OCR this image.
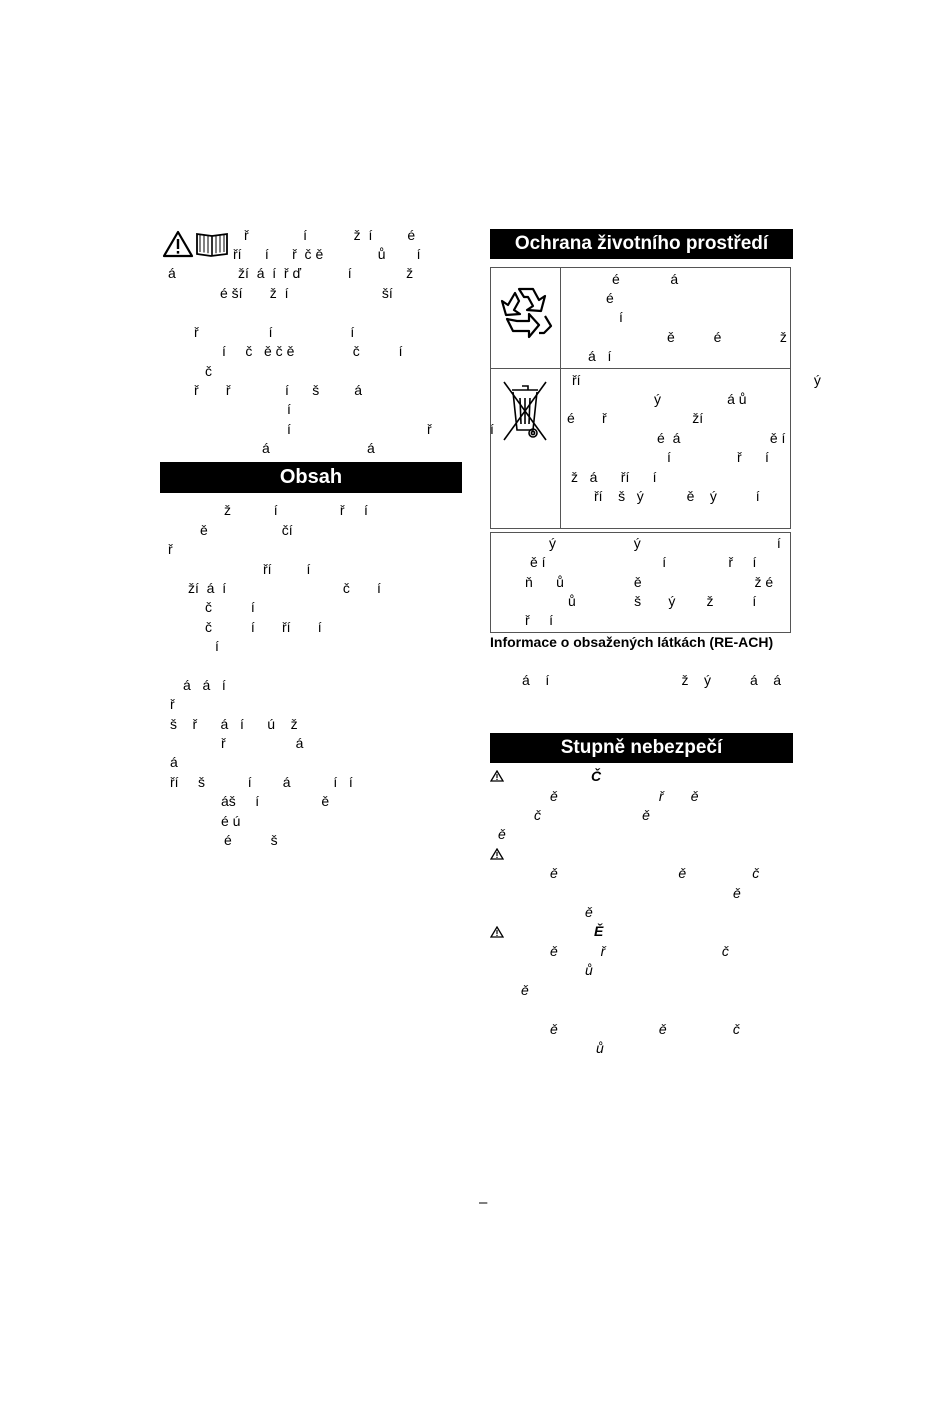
ř              í            ž  í         é
ří      í      ř  č ě              ů        í
á                ží  á  í  ř ď            í              ž
é ší       ž  í                        ší
ř                  í                    í
í     č   ě č ě               č          í
č
ř       ř              í      š         á
í
í                                   ř               í
á                         á
Obsah
ž           í                ř     í
ě                   čí
ř
ří         í
ží  á  í                              č       í
č          í
č          í       ří       í
í
á   á   í
ř
š    ř      á   í      ú    ž
ř                  á
á
ří     š           í        á           í   í
áš     í                ě
é ú
é          š
Ochrana životního prostředí
é             á
é
í
ě          é               ž
á   í
ří                                                            ý
ý                 á ů
é       ř                      ží
é  á                       ě í
í                 ř      í
ž   á      ří      í
ří    š   ý           ě    ý          í
ý                    ý                                   í
ě í                              í                ř     í
ň      ů                  ě                             ž é
ů               š       ý        ž          í
ř     í
Informace o obsažených látkách (RE-ACH)
á    í                                  ž    ý          á    á
Stupně nebezpečí
Č
ě                          ř       ě
č                          ě
ě
ě                               ě                 č
ě
ě
Ě
ě           ř                              č
ů
ě
ě                          ě                 č
ů
–
